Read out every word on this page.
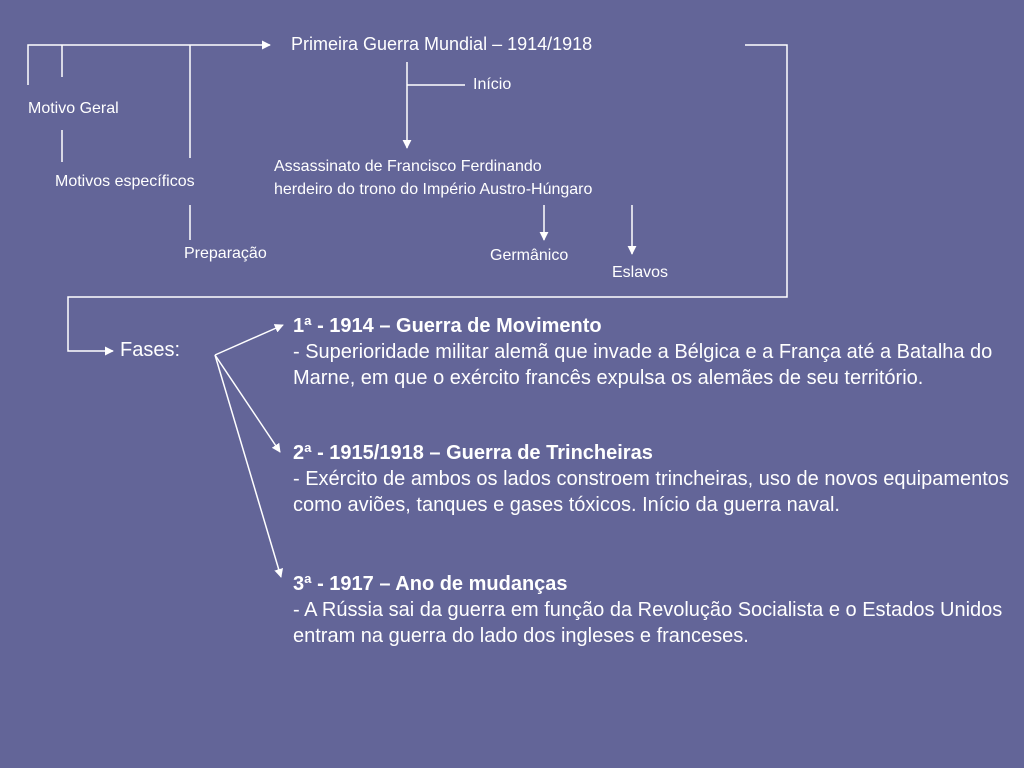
Primeira Guerra Mundial – 1914/1918
Início
Motivo Geral
Motivos específicos
Preparação
Assassinato de Francisco Ferdinando
herdeiro do trono do Império Austro-Húngaro
Germânico
Eslavos
Fases:
1ª - 1914 – Guerra de Movimento
- Superioridade militar alemã que invade a Bélgica e a França até a Batalha do Marne, em que o exército francês expulsa os alemães de seu território.
2ª - 1915/1918 – Guerra de Trincheiras
- Exército de ambos os lados constroem trincheiras, uso de novos equipamentos como aviões, tanques e gases tóxicos. Início da guerra naval.
3ª - 1917 – Ano de mudanças
- A Rússia sai da guerra em função da Revolução Socialista e o Estados Unidos entram na guerra do lado dos ingleses e franceses.
